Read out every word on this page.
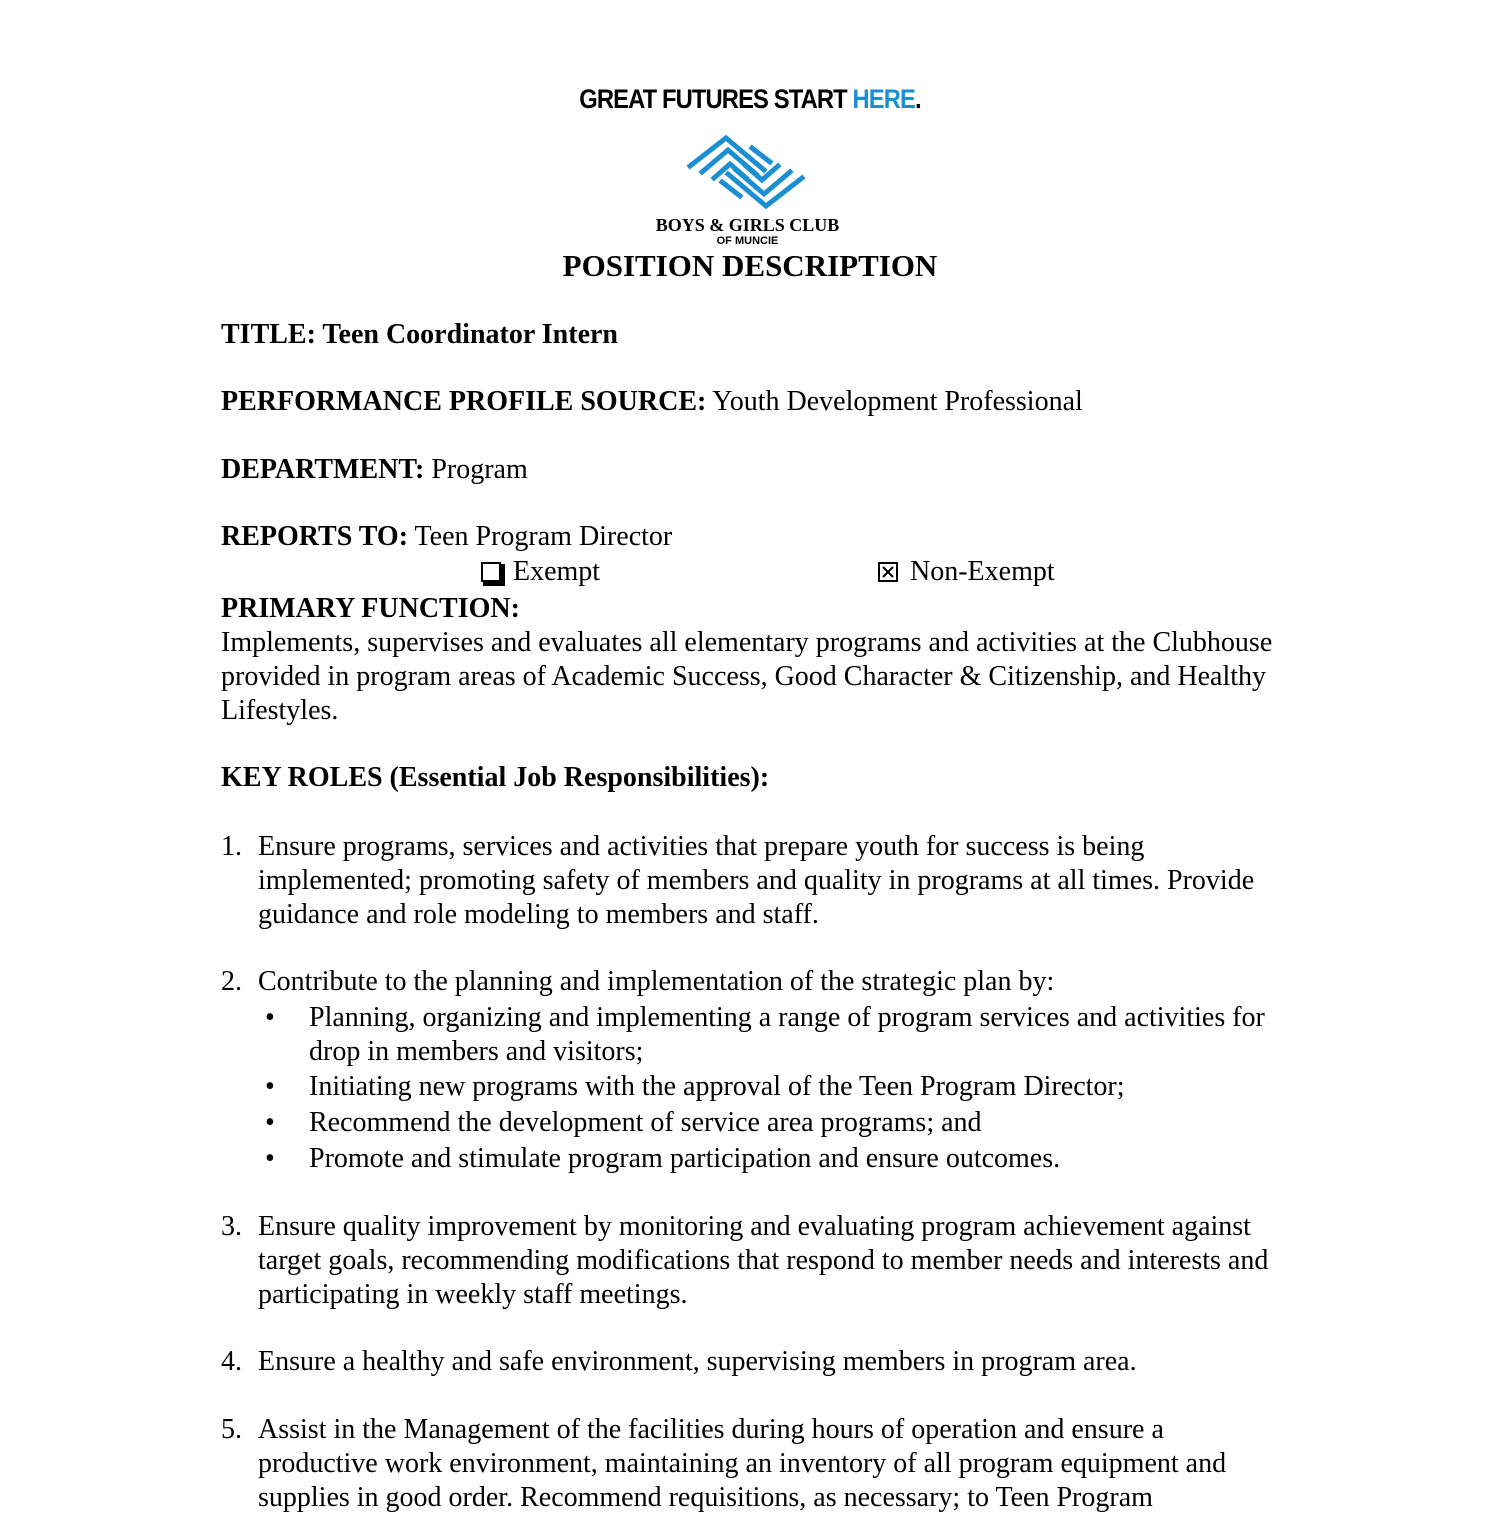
GREAT FUTURES START HERE.
BOYS & GIRLS CLUB
OF MUNCIE
POSITION DESCRIPTION
TITLE: Teen Coordinator Intern
PERFORMANCE PROFILE SOURCE: Youth Development Professional
DEPARTMENT: Program
REPORTS TO: Teen Program Director
Exempt	Non-Exempt
PRIMARY FUNCTION:
Implements, supervises and evaluates all elementary programs and activities at the Clubhouse provided in program areas of Academic Success, Good Character & Citizenship, and Healthy Lifestyles.
KEY ROLES (Essential Job Responsibilities):
1. Ensure programs, services and activities that prepare youth for success is being implemented; promoting safety of members and quality in programs at all times. Provide guidance and role modeling to members and staff.
2. Contribute to the planning and implementation of the strategic plan by:
• Planning, organizing and implementing a range of program services and activities for drop in members and visitors;
• Initiating new programs with the approval of the Teen Program Director;
• Recommend the development of service area programs; and
• Promote and stimulate program participation and ensure outcomes.
3. Ensure quality improvement by monitoring and evaluating program achievement against target goals, recommending modifications that respond to member needs and interests and participating in weekly staff meetings.
4. Ensure a healthy and safe environment, supervising members in program area.
5. Assist in the Management of the facilities during hours of operation and ensure a productive work environment, maintaining an inventory of all program equipment and supplies in good order. Recommend requisitions, as necessary; to Teen Program
